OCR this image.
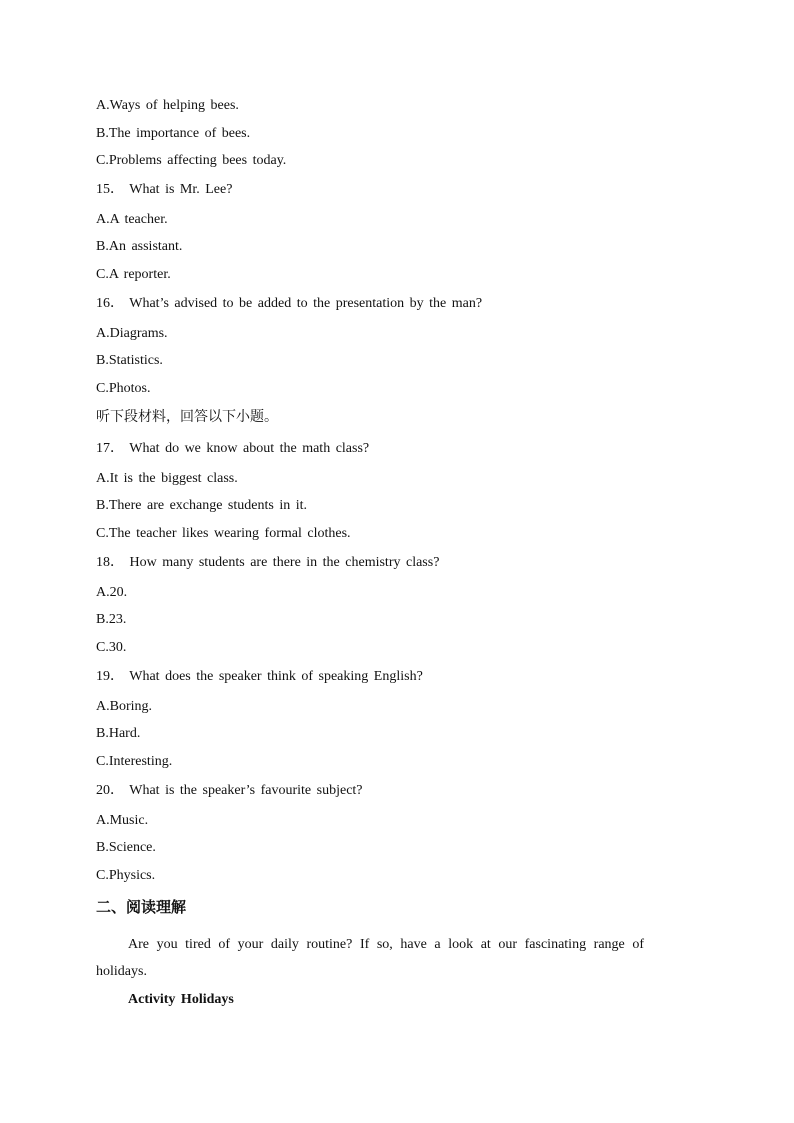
A.Ways of helping bees.
B.The importance of bees.
C.Problems affecting bees today.
15． What is Mr. Lee?
A.A teacher.
B.An assistant.
C.A reporter.
16． What’s advised to be added to the presentation by the man?
A.Diagrams.
B.Statistics.
C.Photos.
听下段材料，回答以下小题。
17． What do we know about the math class?
A.It is the biggest class.
B.There are exchange students in it.
C.The teacher likes wearing formal clothes.
18． How many students are there in the chemistry class?
A.20.
B.23.
C.30.
19． What does the speaker think of speaking English?
A.Boring.
B.Hard.
C.Interesting.
20． What is the speaker’s favourite subject?
A.Music.
B.Science.
C.Physics.
二、阅读理解
Are you tired of your daily routine? If so, have a look at our fascinating range of holidays.
Activity Holidays
